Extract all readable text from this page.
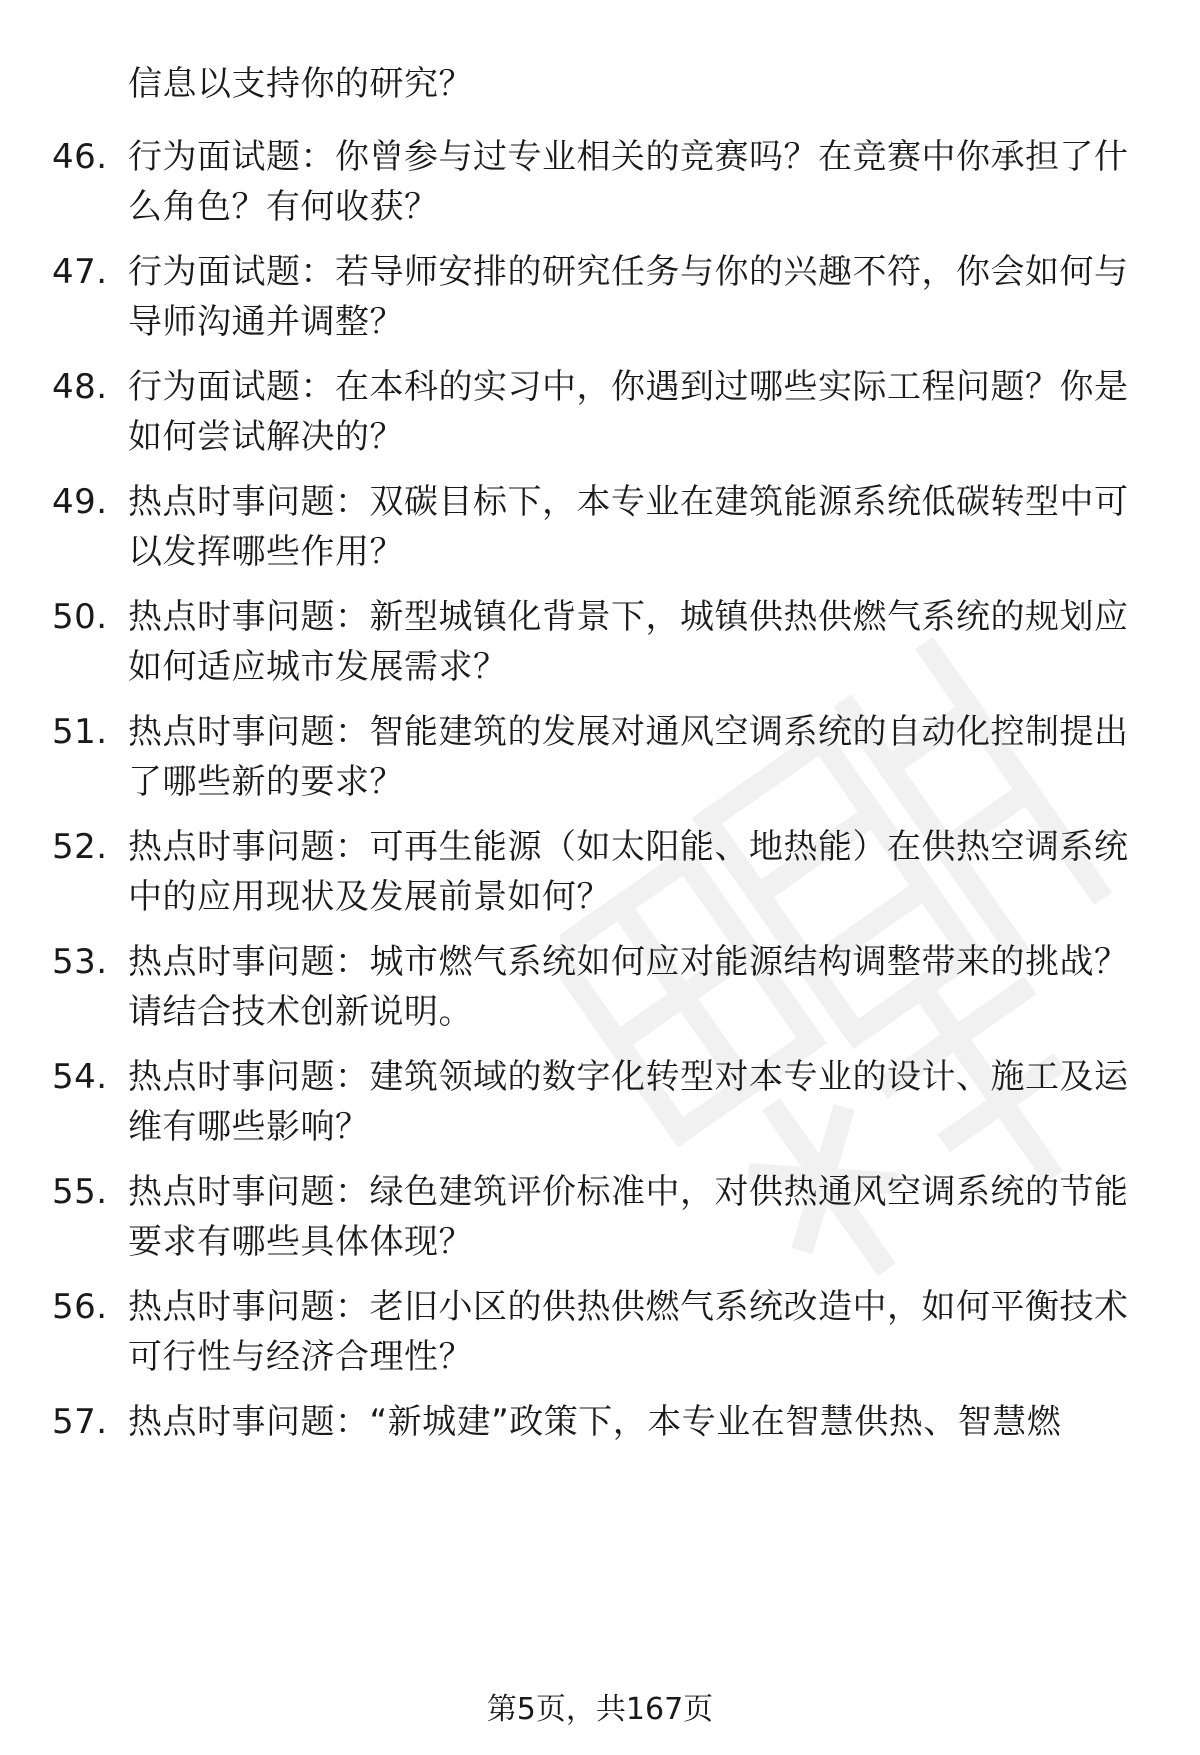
信息以支持你的研究？
46. 行为面试题：你曾参与过专业相关的竞赛吗？在竞赛中你承担了什么角色？有何收获？
47. 行为面试题：若导师安排的研究任务与你的兴趣不符，你会如何与导师沟通并调整？
48. 行为面试题：在本科的实习中，你遇到过哪些实际工程问题？你是如何尝试解决的？
49. 热点时事问题：双碳目标下，本专业在建筑能源系统低碳转型中可以发挥哪些作用？
50. 热点时事问题：新型城镇化背景下，城镇供热供燃气系统的规划应如何适应城市发展需求？
51. 热点时事问题：智能建筑的发展对通风空调系统的自动化控制提出了哪些新的要求？
52. 热点时事问题：可再生能源（如太阳能、地热能）在供热空调系统中的应用现状及发展前景如何？
53. 热点时事问题：城市燃气系统如何应对能源结构调整带来的挑战？请结合技术创新说明。
54. 热点时事问题：建筑领域的数字化转型对本专业的设计、施工及运维有哪些影响？
55. 热点时事问题：绿色建筑评价标准中，对供热通风空调系统的节能要求有哪些具体体现？
56. 热点时事问题：老旧小区的供热供燃气系统改造中，如何平衡技术可行性与经济合理性？
57. 热点时事问题：“新城建”政策下，本专业在智慧供热、智慧燃
第5页，共167页
